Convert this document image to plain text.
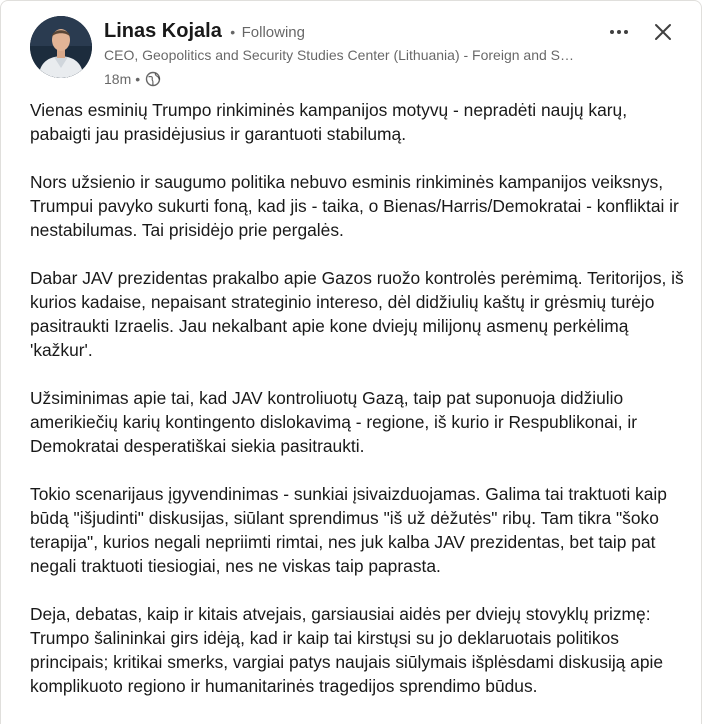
Linas Kojala • Following
CEO, Geopolitics and Security Studies Center (Lithuania) - Foreign and S…
18m •

Vienas esminių Trumpo rinkiminės kampanijos motyvų - nepradėti naujų karų, pabaigti jau prasidėjusius ir garantuoti stabilumą.

Nors užsienio ir saugumo politika nebuvo esminis rinkiminės kampanijos veiksnys, Trumpui pavyko sukurti foną, kad jis - taika, o Bienas/Harris/Demokratai - konfliktai ir nestabilumas. Tai prisidėjo prie pergalės.

Dabar JAV prezidentas prakalbo apie Gazos ruožo kontrolės perėmimą. Teritorijos, iš kurios kadaise, nepaisant strateginio intereso, dėl didžiulių kaštų ir grėsmių turėjo pasitraukti Izraelis. Jau nekalbant apie kone dviejų milijonų asmenų perkėlimą 'kažkur'.

Užsiminimas apie tai, kad JAV kontroliuotų Gazą, taip pat suponuoja didžiulio amerikiečių karių kontingento dislokavimą - regione, iš kurio ir Respublikonai, ir Demokratai desperatiškai siekia pasitraukti.

Tokio scenarijaus įgyvendinimas - sunkiai įsivaizduojamas. Galima tai traktuoti kaip būdą "išjudinti" diskusijas, siūlant sprendimus "iš už dėžutės" ribų. Tam tikra "šoko terapija", kurios negali nepriimti rimtai, nes juk kalba JAV prezidentas, bet taip pat negali traktuoti tiesiogiai, nes ne viskas taip paprasta.

Deja, debatas, kaip ir kitais atvejais, garsiausiai aidės per dviejų stovyklų prizmę: Trumpo šalininkai girs idėją, kad ir kaip tai kirstųsi su jo deklaruotais politikos principais; kritikai smerks, vargiai patys naujais siūlymais išplėsdami diskusiją apie komplikuoto regiono ir humanitarinės tragedijos sprendimo būdus.
